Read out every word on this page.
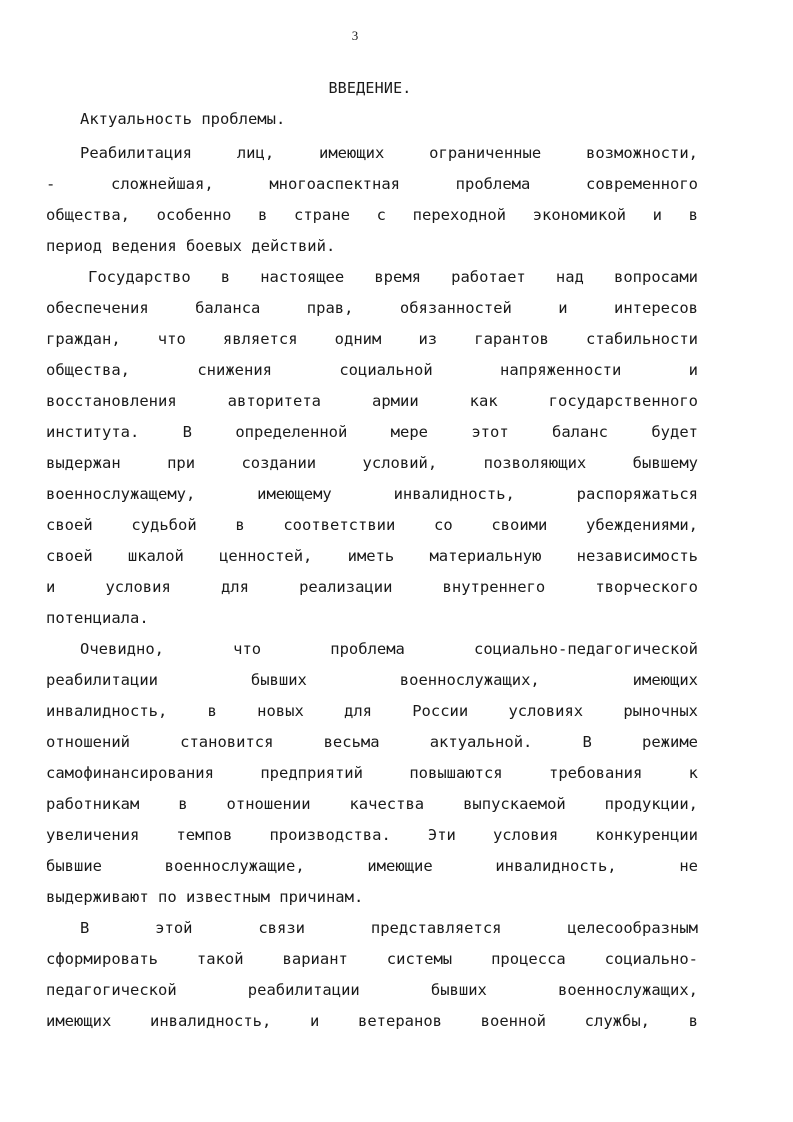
3
ВВЕДЕНИЕ.
Актуальность проблемы.
Реабилитация лиц, имеющих ограниченные возможности,
- сложнейшая, многоаспектная проблема современного
общества, особенно в стране с переходной экономикой и в
период ведения боевых действий.
Государство в настоящее время работает над вопросами
обеспечения баланса прав, обязанностей и интересов
граждан, что является одним из гарантов стабильности
общества, снижения социальной напряженности и
восстановления авторитета армии как государственного
института. В определенной мере этот баланс будет
выдержан при создании условий, позволяющих бывшему
военнослужащему, имеющему инвалидность, распоряжаться
своей судьбой в соответствии со своими убеждениями,
своей шкалой ценностей, иметь материальную независимость
и условия для реализации внутреннего творческого
потенциала.
Очевидно, что проблема социально-педагогической
реабилитации бывших военнослужащих, имеющих
инвалидность, в новых для России условиях рыночных
отношений становится весьма актуальной. В режиме
самофинансирования предприятий повышаются требования к
работникам в отношении качества выпускаемой продукции,
увеличения темпов производства. Эти условия конкуренции
бывшие военнослужащие, имеющие инвалидность, не
выдерживают по известным причинам.
В этой связи представляется целесообразным
сформировать такой вариант системы процесса социально-
педагогической реабилитации бывших военнослужащих,
имеющих инвалидность, и ветеранов военной службы, в
